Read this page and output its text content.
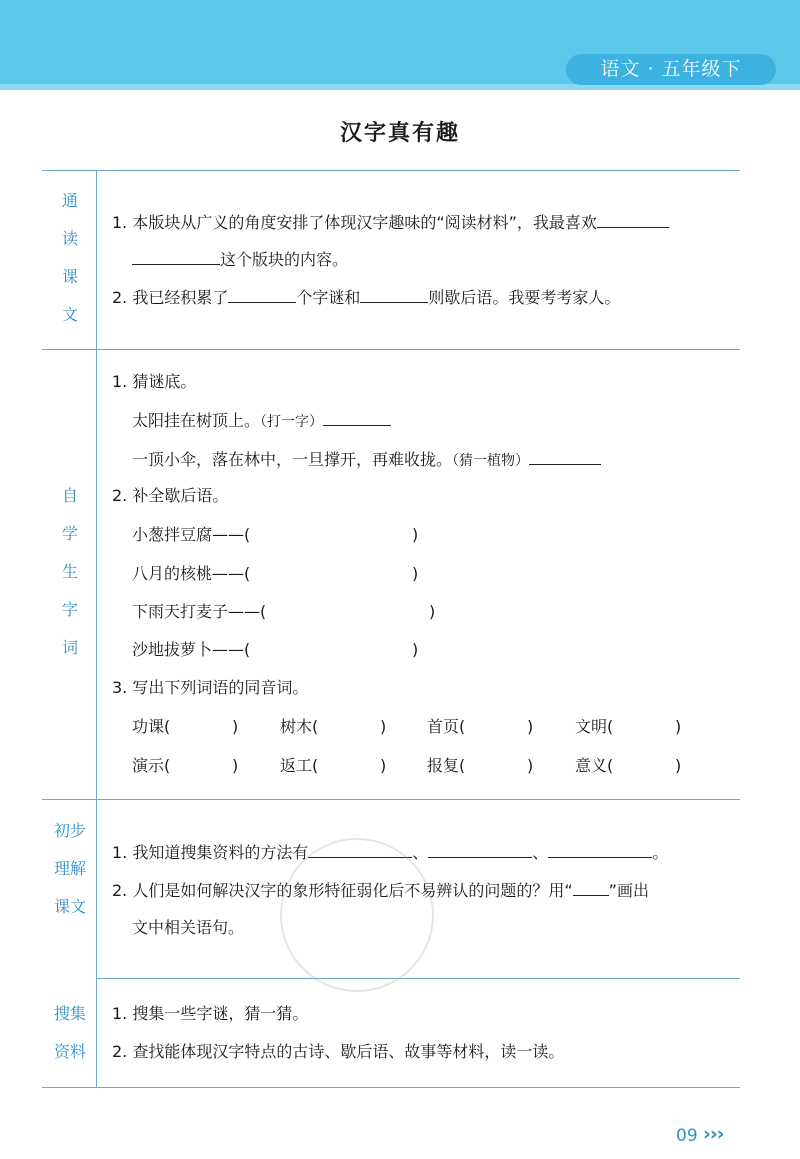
语文 · 五年级下
汉字真有趣
通
读
课
文
1. 本版块从广义的角度安排了体现汉字趣味的“阅读材料”，我最喜欢
这个版块的内容。
2. 我已经积累了	个字谜和	则歇后语。我要考考家人。
自
学
生
字
词
1. 猜谜底。
太阳挂在树顶上。（打一字）
一顶小伞，落在林中，一旦撑开，再难收拢。（猜一植物）
2. 补全歇后语。
小葱拌豆腐——(	)
八月的核桃——(	)
下雨天打麦子——(	)
沙地拔萝卜——(	)
3. 写出下列词语的同音词。
功课(	)	树木(	)	首页(	)	文明(	)
演示(	)	返工(	)	报复(	)	意义(	)
初步
理解
课文
1. 我知道搜集资料的方法有	、	、	。
2. 人们是如何解决汉字的象形特征弱化后不易辨认的问题的？用“ ”画出
文中相关语句。
搜集
资料
1. 搜集一些字谜，猜一猜。
2. 查找能体现汉字特点的古诗、歇后语、故事等材料，读一读。
09 ›››
